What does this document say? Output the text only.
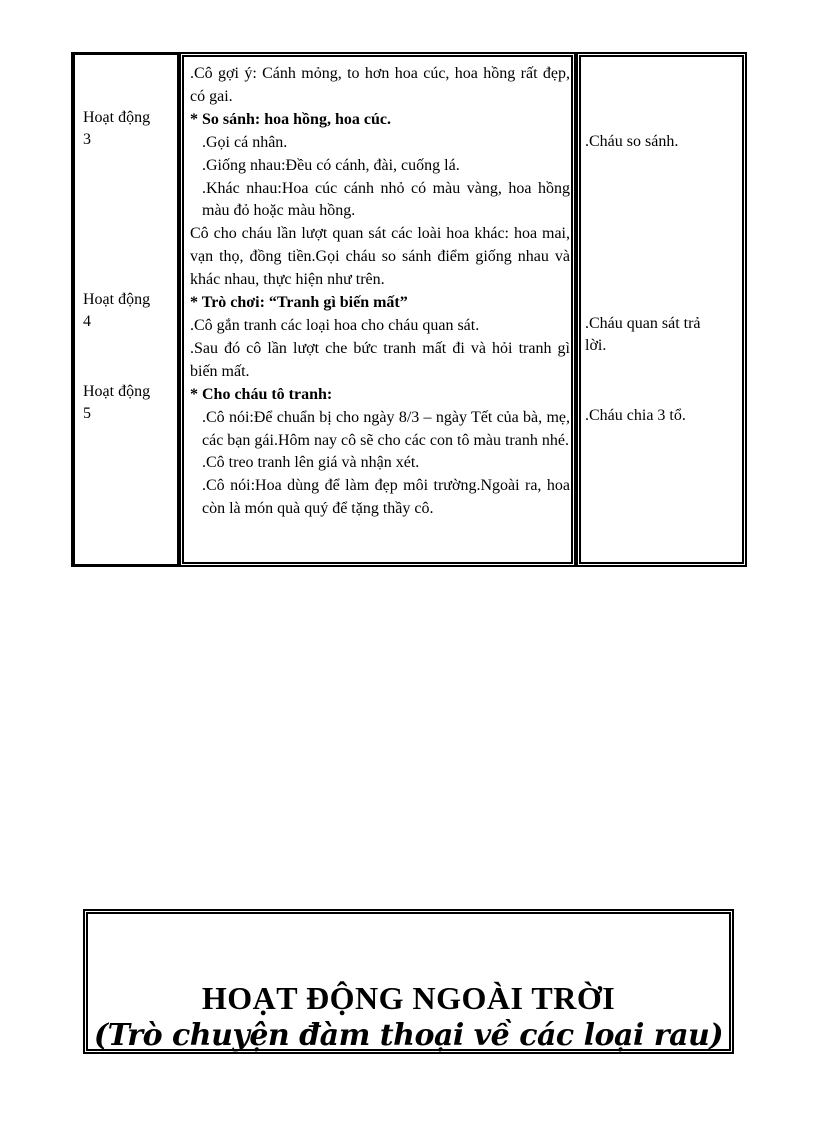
Hoạt động
3
Hoạt động
4
Hoạt động
5

.Cô gợi ý: Cánh mỏng, to hơn hoa cúc, hoa hồng rất đẹp, có gai.

* So sánh: hoa hồng, hoa cúc.

.Gọi cá nhân.

.Giống nhau:Đều có cánh, đài, cuống lá.

.Khác nhau:Hoa cúc cánh nhỏ có màu vàng, hoa hồng màu đỏ hoặc màu hồng.

Cô cho cháu lần lượt quan sát các loài hoa khác: hoa mai, vạn thọ, đồng tiền.Gọi cháu so sánh điểm giống nhau và khác nhau, thực hiện như trên.

* Trò chơi: “Tranh gì biến mất”

.Cô gắn tranh các loại hoa cho cháu quan sát.

.Sau đó cô lần lượt che bức tranh mất đi và hỏi tranh gì biến mất.

* Cho cháu tô tranh:

.Cô nói:Để chuẩn bị cho ngày 8/3 – ngày Tết của bà, mẹ, các bạn gái.Hôm nay cô sẽ cho các con tô màu tranh nhé.

.Cô treo tranh lên giá và nhận xét.

.Cô nói:Hoa dùng để làm đẹp môi trường.Ngoài ra, hoa còn là món quà quý để tặng thầy cô.

.Cháu so sánh.
.Cháu quan sát trả
lời.
.Cháu chia 3 tổ.
HOẠT ĐỘNG NGOÀI TRỜI
(Trò chuyện đàm thoại về các loại rau)
